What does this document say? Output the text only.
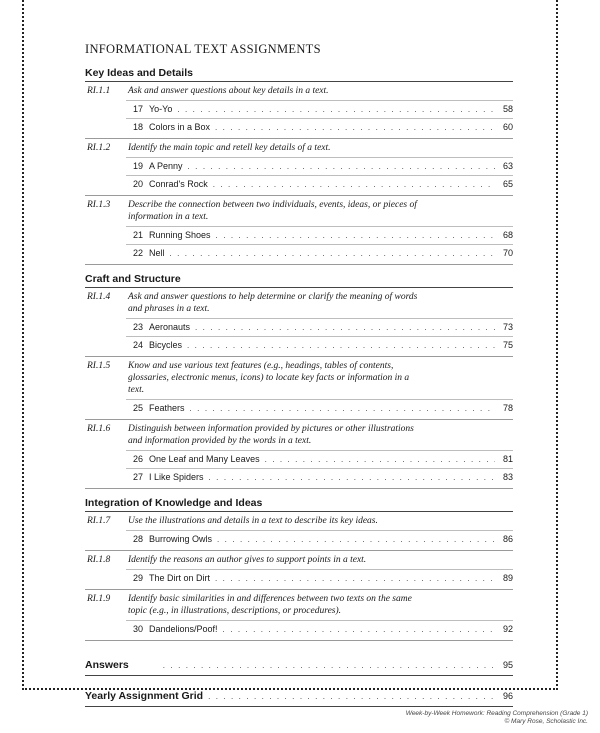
INFORMATIONAL TEXT ASSIGNMENTS
Key Ideas and Details
RI.1.1	Ask and answer questions about key details in a text.
17 Yo-Yo . . .	58
18 Colors in a Box . . .	60
RI.1.2	Identify the main topic and retell key details of a text.
19 A Penny . . .	63
20 Conrad's Rock . . .	65
RI.1.3	Describe the connection between two individuals, events, ideas, or pieces of information in a text.
21 Running Shoes . . .	68
22 Nell . . .	70
Craft and Structure
RI.1.4	Ask and answer questions to help determine or clarify the meaning of words and phrases in a text.
23 Aeronauts . . .	73
24 Bicycles . . .	75
RI.1.5	Know and use various text features (e.g., headings, tables of contents, glossaries, electronic menus, icons) to locate key facts or information in a text.
25 Feathers . . .	78
RI.1.6	Distinguish between information provided by pictures or other illustrations and information provided by the words in a text.
26 One Leaf and Many Leaves . . .	81
27 I Like Spiders . . .	83
Integration of Knowledge and Ideas
RI.1.7	Use the illustrations and details in a text to describe its key ideas.
28 Burrowing Owls . . .	86
RI.1.8	Identify the reasons an author gives to support points in a text.
29 The Dirt on Dirt . . .	89
RI.1.9	Identify basic similarities in and differences between two texts on the same topic (e.g., in illustrations, descriptions, or procedures).
30 Dandelions/Poof! . . .	92
Answers . . .	95
Yearly Assignment Grid . . .	96
Week-by-Week Homework: Reading Comprehension (Grade 1)
© Mary Rose, Scholastic Inc.
